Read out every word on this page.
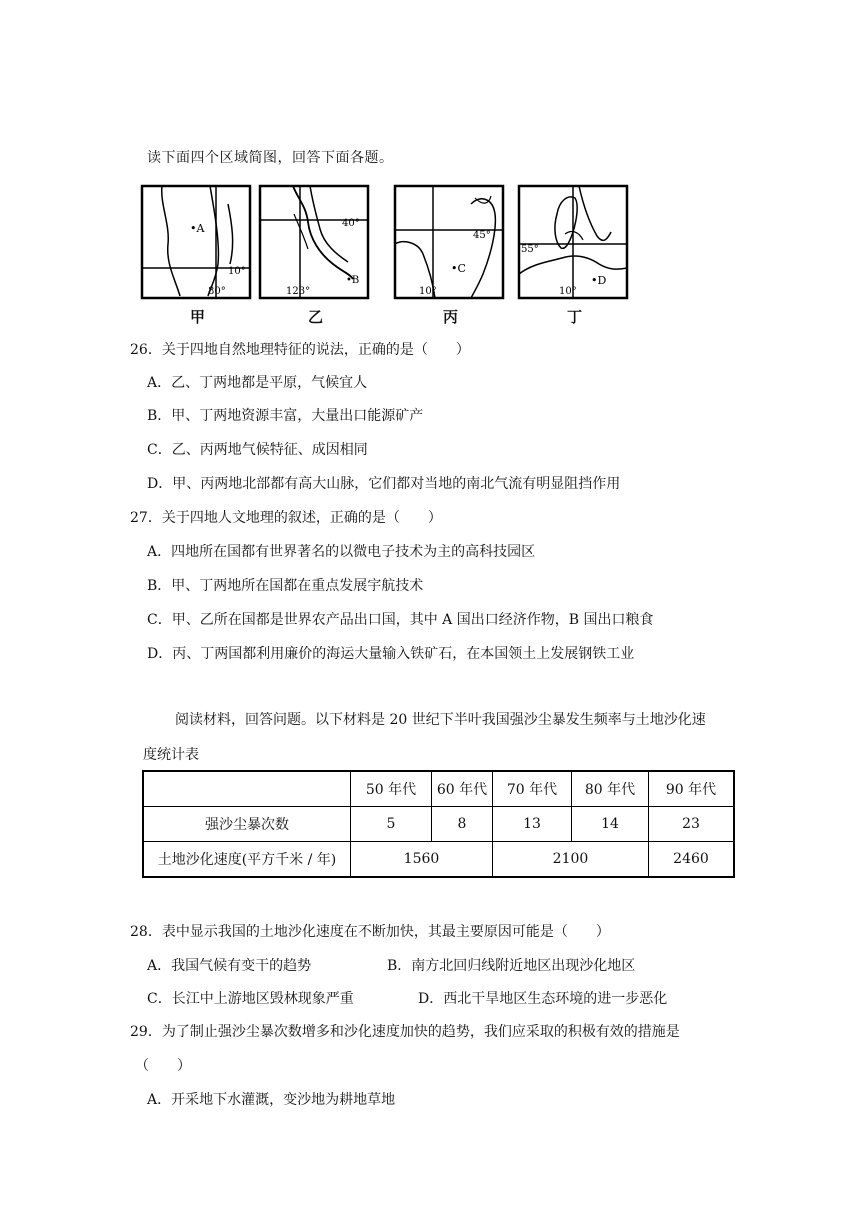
读下面四个区域简图，回答下面各题。
•A
10°
80°
甲
40°
123°
•B
乙
45°
•C
10°
丙
55°
•D
10°
丁
26．关于四地自然地理特征的说法，正确的是（　　）
A．乙、丁两地都是平原，气候宜人
B．甲、丁两地资源丰富，大量出口能源矿产
C．乙、丙两地气候特征、成因相同
D．甲、丙两地北部都有高大山脉，它们都对当地的南北气流有明显阻挡作用
27．关于四地人文地理的叙述，正确的是（　　）
A．四地所在国都有世界著名的以微电子技术为主的高科技园区
B．甲、丁两地所在国都在重点发展宇航技术
C．甲、乙所在国都是世界农产品出口国，其中 A 国出口经济作物，B 国出口粮食
D．丙、丁两国都利用廉价的海运大量输入铁矿石，在本国领土上发展钢铁工业
阅读材料，回答问题。以下材料是 20 世纪下半叶我国强沙尘暴发生频率与土地沙化速
度统计表
	50 年代	60 年代	70 年代	80 年代	90 年代
强沙尘暴次数	5	8	13	14	23
土地沙化速度(平方千米 / 年)	1560		2100		2460
28．表中显示我国的土地沙化速度在不断加快，其最主要原因可能是（　　）
A．我国气候有变干的趋势	B．南方北回归线附近地区出现沙化地区
C．长江中上游地区毁林现象严重	D．西北干旱地区生态环境的进一步恶化
29．为了制止强沙尘暴次数增多和沙化速度加快的趋势，我们应采取的积极有效的措施是
（　　）
A．开采地下水灌溉，变沙地为耕地草地
